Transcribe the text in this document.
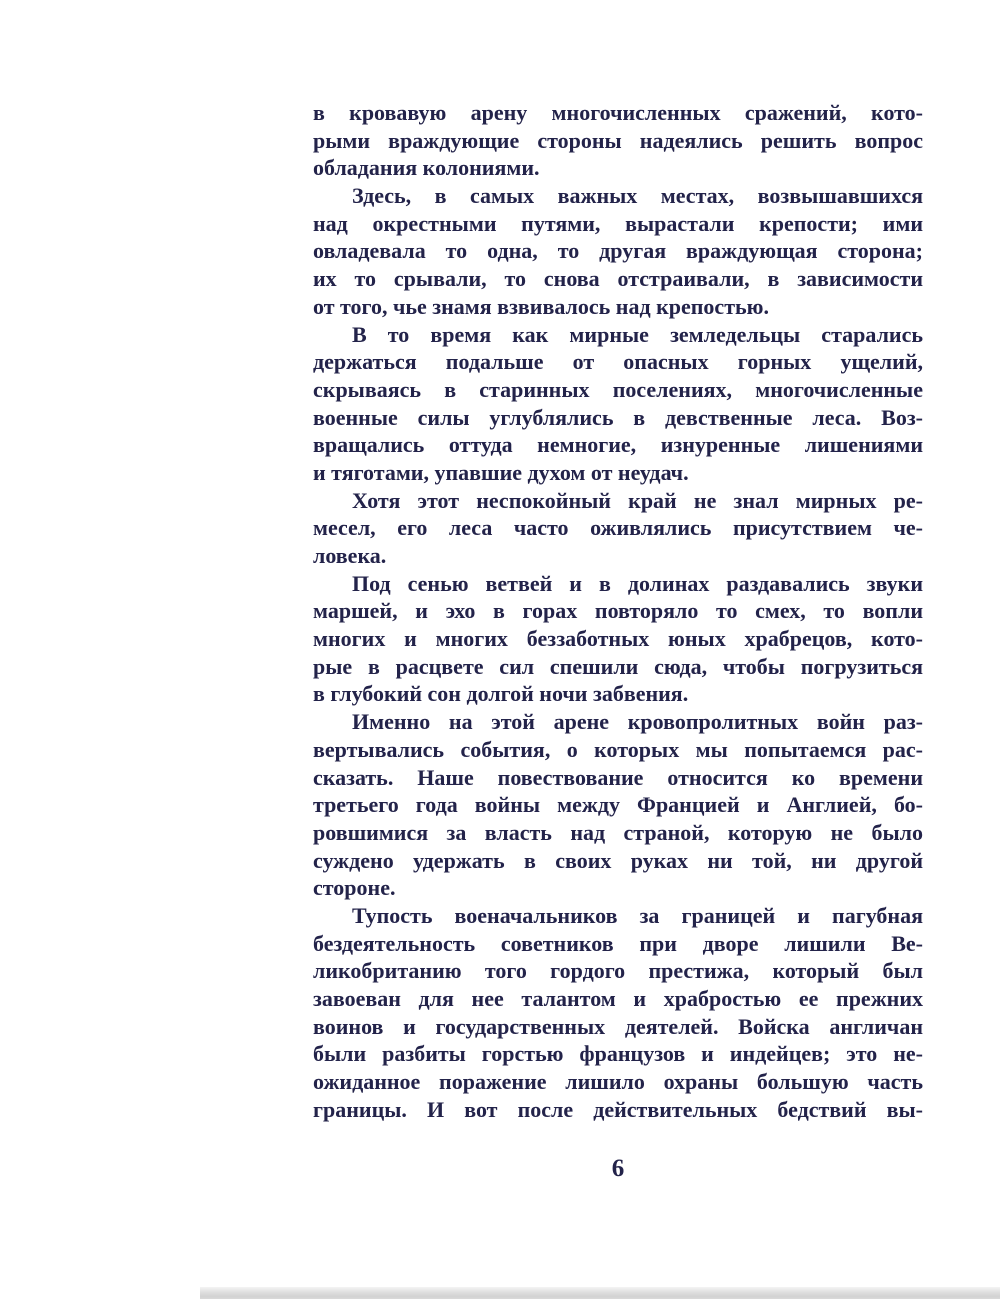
в кровавую арену многочисленных сражений, кото-
рыми враждующие стороны надеялись решить вопрос
обладания колониями.
Здесь, в самых важных местах, возвышавшихся
над окрестными путями, вырастали крепости; ими
овладевала то одна, то другая враждующая сторона;
их то срывали, то снова отстраивали, в зависимости
от того, чье знамя взвивалось над крепостью.
В то время как мирные земледельцы старались
держаться подальше от опасных горных ущелий,
скрываясь в старинных поселениях, многочисленные
военные силы углублялись в девственные леса. Воз-
вращались оттуда немногие, изнуренные лишениями
и тяготами, упавшие духом от неудач.
Хотя этот неспокойный край не знал мирных ре-
месел, его леса часто оживлялись присутствием че-
ловека.
Под сенью ветвей и в долинах раздавались звуки
маршей, и эхо в горах повторяло то смех, то вопли
многих и многих беззаботных юных храбрецов, кото-
рые в расцвете сил спешили сюда, чтобы погрузиться
в глубокий сон долгой ночи забвения.
Именно на этой арене кровопролитных войн раз-
вертывались события, о которых мы попытаемся рас-
сказать. Наше повествование относится ко времени
третьего года войны между Францией и Англией, бо-
ровшимися за власть над страной, которую не было
суждено удержать в своих руках ни той, ни другой
стороне.
Тупость военачальников за границей и пагубная
бездеятельность советников при дворе лишили Ве-
ликобританию того гордого престижа, который был
завоеван для нее талантом и храбростью ее прежних
воинов и государственных деятелей. Войска англичан
были разбиты горстью французов и индейцев; это не-
ожиданное поражение лишило охраны большую часть
границы. И вот после действительных бедствий вы-
6
